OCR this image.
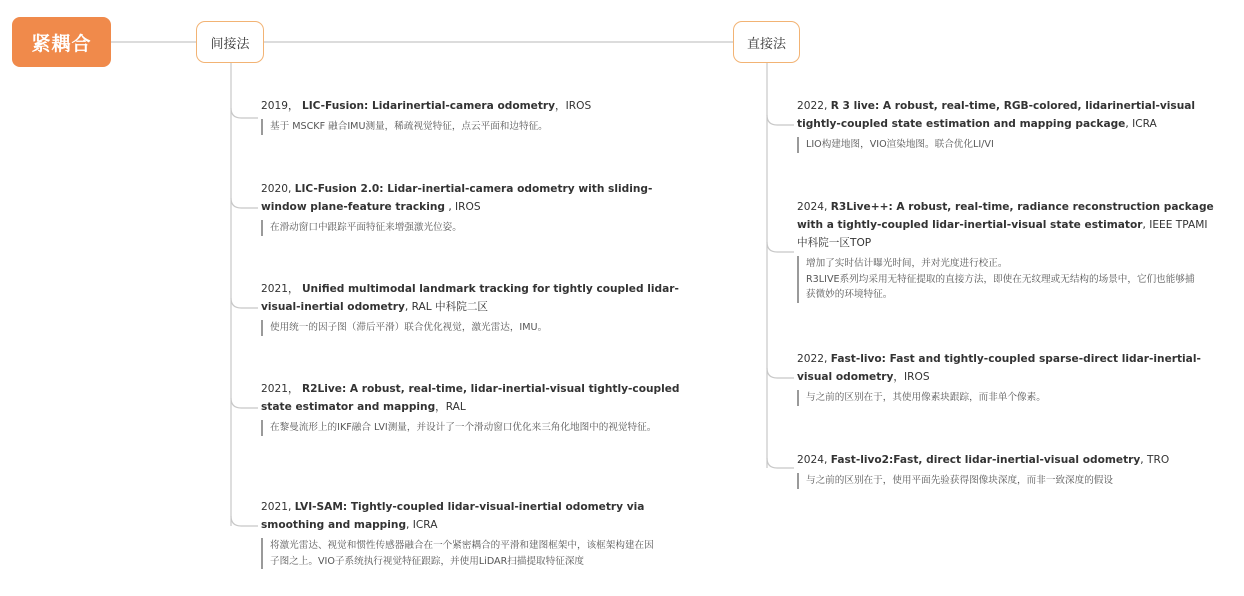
紧耦合	间接法	直接法
2019， LIC-Fusion: Lidarinertial-camera odometry，IROS
基于 MSCKF 融合IMU测量，稀疏视觉特征，点云平面和边特征。
2020, LIC-Fusion 2.0: Lidar-inertial-camera odometry with sliding-window plane-feature tracking , IROS
在滑动窗口中跟踪平面特征来增强激光位姿。
2021， Unified multimodal landmark tracking for tightly coupled lidar-visual-inertial odometry, RAL 中科院二区
使用统一的因子图（滞后平滑）联合优化视觉，激光雷达，IMU。
2021， R2Live: A robust, real-time, lidar-inertial-visual tightly-coupled state estimator and mapping，RAL
在黎曼流形上的IKF融合 LVI测量，并设计了一个滑动窗口优化来三角化地图中的视觉特征。
2021, LVI-SAM: Tightly-coupled lidar-visual-inertial odometry via smoothing and mapping, ICRA
将激光雷达、视觉和惯性传感器融合在一个紧密耦合的平滑和建图框架中，该框架构建在因子图之上。VIO子系统执行视觉特征跟踪，并使用LiDAR扫描提取特征深度
2022, R 3 live: A robust, real-time, RGB-colored, lidarinertial-visual tightly-coupled state estimation and mapping package, ICRA
LIO构建地图，VIO渲染地图。联合优化LI/VI
2024, R3Live++: A robust, real-time, radiance reconstruction package with a tightly-coupled lidar-inertial-visual state estimator, IEEE TPAMI 中科院一区TOP
增加了实时估计曝光时间，并对光度进行校正。
R3LIVE系列均采用无特征提取的直接方法，即使在无纹理或无结构的场景中，它们也能够捕获微妙的环境特征。
2022, Fast-livo: Fast and tightly-coupled sparse-direct lidar-inertial-visual odometry，IROS
与之前的区别在于，其使用像素块跟踪，而非单个像素。
2024, Fast-livo2:Fast, direct lidar-inertial-visual odometry, TRO
与之前的区别在于，使用平面先验获得图像块深度，而非一致深度的假设
